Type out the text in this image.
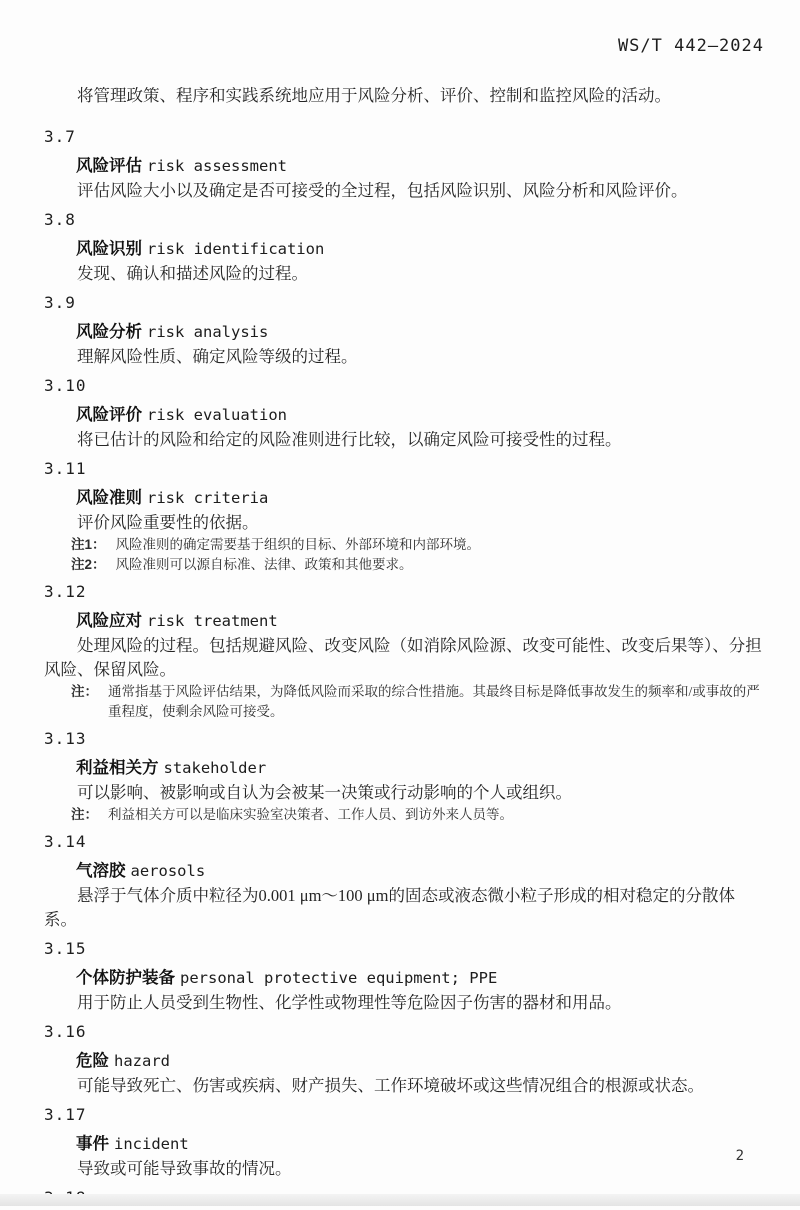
WS/T 442—2024

将管理政策、程序和实践系统地应用于风险分析、评价、控制和监控风险的活动。

3.7
风险评估 risk assessment

评估风险大小以及确定是否可接受的全过程，包括风险识别、风险分析和风险评价。

3.8
风险识别 risk identification

发现、确认和描述风险的过程。

3.9
风险分析 risk analysis

理解风险性质、确定风险等级的过程。

3.10
风险评价 risk evaluation

将已估计的风险和给定的风险准则进行比较，以确定风险可接受性的过程。

3.11
风险准则 risk criteria

评价风险重要性的依据。

注1： 风险准则的确定需要基于组织的目标、外部环境和内部环境。
注2： 风险准则可以源自标准、法律、政策和其他要求。
3.12
风险应对 risk treatment

处理风险的过程。包括规避风险、改变风险（如消除风险源、改变可能性、改变后果等）、分担风险、保留风险。

注： 通常指基于风险评估结果，为降低风险而采取的综合性措施。其最终目标是降低事故发生的频率和/或事故的严重程度，使剩余风险可接受。
3.13
利益相关方 stakeholder

可以影响、被影响或自认为会被某一决策或行动影响的个人或组织。

注： 利益相关方可以是临床实验室决策者、工作人员、到访外来人员等。
3.14
气溶胶 aerosols

悬浮于气体介质中粒径为0.001 μm～100 μm的固态或液态微小粒子形成的相对稳定的分散体系。

3.15
个体防护装备 personal protective equipment; PPE

用于防止人员受到生物性、化学性或物理性等危险因子伤害的器材和用品。

3.16
危险 hazard

可能导致死亡、伤害或疾病、财产损失、工作环境破坏或这些情况组合的根源或状态。

3.17
事件 incident

导致或可能导致事故的情况。

2
